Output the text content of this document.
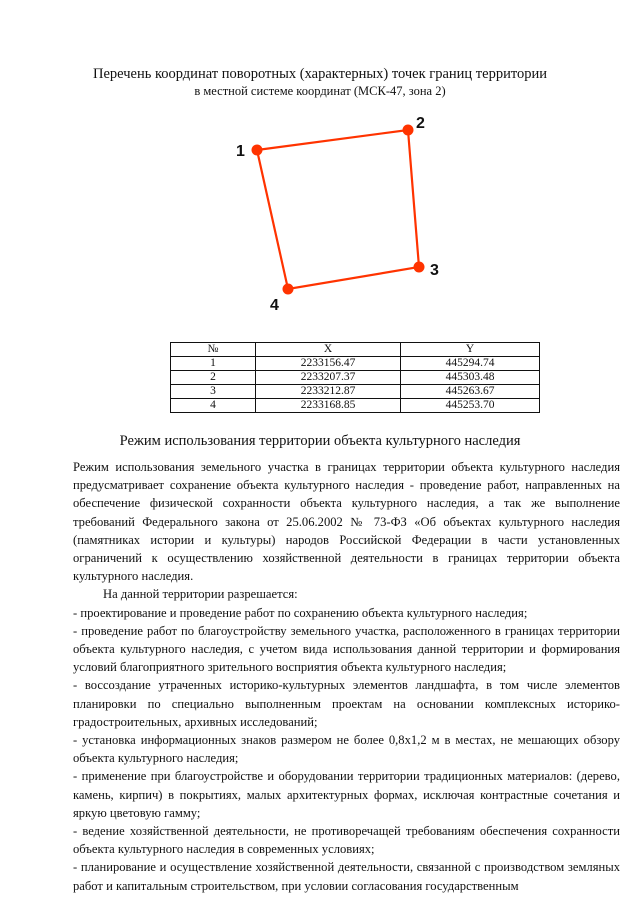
Перечень координат поворотных (характерных) точек границ территории
в местной системе координат (МСК-47, зона 2)
1
2
3
4
№	X	Y
1	2233156.47	445294.74
2	2233207.37	445303.48
3	2233212.87	445263.67
4	2233168.85	445253.70
Режим использования территории объекта культурного наследия

Режим использования земельного участка в границах территории объекта культурного наследия предусматривает сохранение объекта культурного наследия - проведение работ, направленных на обеспечение физической сохранности объекта культурного наследия, а так же выполнение требований Федерального закона от 25.06.2002 № 73-ФЗ «Об объектах культурного наследия (памятниках истории и культуры) народов Российской Федерации в части установленных ограничений к осуществлению хозяйственной деятельности в границах территории объекта культурного наследия.

На данной территории разрешается:

- проектирование и проведение работ по сохранению объекта культурного наследия;

- проведение работ по благоустройству земельного участка, расположенного в границах территории объекта культурного наследия, с учетом вида использования данной территории и формирования условий благоприятного зрительного восприятия объекта культурного наследия;

- воссоздание утраченных историко-культурных элементов ландшафта, в том числе элементов планировки по специально выполненным проектам на основании комплексных историко-градостроительных, архивных исследований;

- установка информационных знаков размером не более 0,8х1,2 м в местах, не мешающих обзору объекта культурного наследия;

- применение при благоустройстве и оборудовании территории традиционных материалов: (дерево, камень, кирпич) в покрытиях, малых архитектурных формах, исключая контрастные сочетания и яркую цветовую гамму;

- ведение хозяйственной деятельности, не противоречащей требованиям обеспечения сохранности объекта культурного наследия в современных условиях;

- планирование и осуществление хозяйственной деятельности, связанной с производством земляных работ и капитальным строительством, при условии согласования государственным
